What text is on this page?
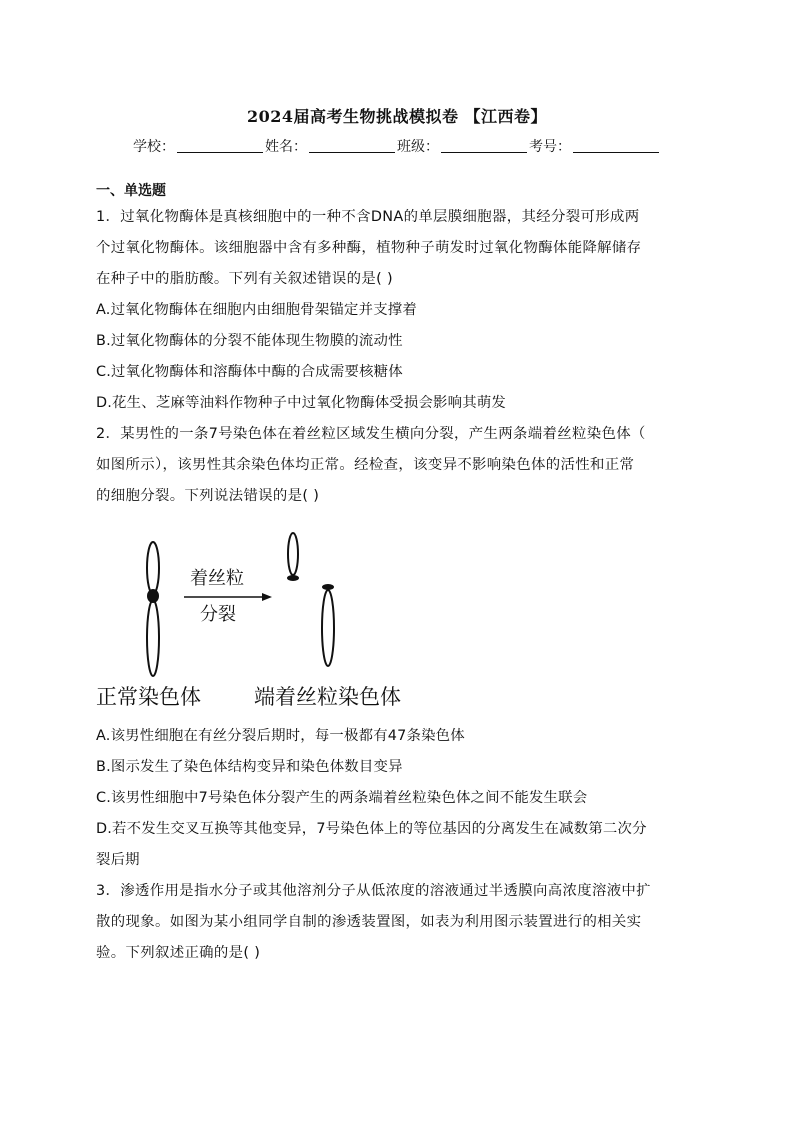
2024届高考生物挑战模拟卷 【江西卷】
学校：	姓名：	班级：	考号：
一、单选题
1．过氧化物酶体是真核细胞中的一种不含DNA的单层膜细胞器，其经分裂可形成两
个过氧化物酶体。该细胞器中含有多种酶，植物种子萌发时过氧化物酶体能降解储存
在种子中的脂肪酸。下列有关叙述错误的是( )
A.过氧化物酶体在细胞内由细胞骨架锚定并支撑着
B.过氧化物酶体的分裂不能体现生物膜的流动性
C.过氧化物酶体和溶酶体中酶的合成需要核糖体
D.花生、芝麻等油料作物种子中过氧化物酶体受损会影响其萌发
2．某男性的一条7号染色体在着丝粒区域发生横向分裂，产生两条端着丝粒染色体（
如图所示），该男性其余染色体均正常。经检查，该变异不影响染色体的活性和正常
的细胞分裂。下列说法错误的是( )
着丝粒
分裂
正常染色体	端着丝粒染色体
A.该男性细胞在有丝分裂后期时，每一极都有47条染色体
B.图示发生了染色体结构变异和染色体数目变异
C.该男性细胞中7号染色体分裂产生的两条端着丝粒染色体之间不能发生联会
D.若不发生交叉互换等其他变异，7号染色体上的等位基因的分离发生在减数第二次分
裂后期
3．渗透作用是指水分子或其他溶剂分子从低浓度的溶液通过半透膜向高浓度溶液中扩
散的现象。如图为某小组同学自制的渗透装置图，如表为利用图示装置进行的相关实
验。下列叙述正确的是( )
